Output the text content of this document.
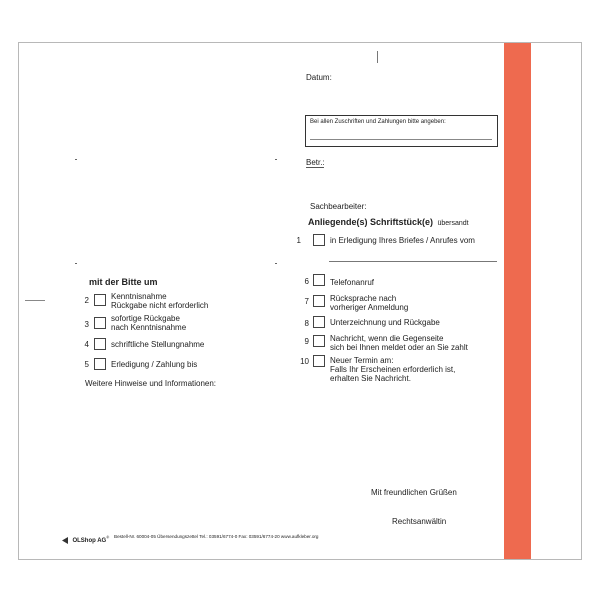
Datum:
Bei allen Zuschriften und Zahlungen bitte angeben:
Betr.:
Sachbearbeiter:
Anliegende(s) Schriftstück(e) übersandt
1	in Erledigung Ihres Briefes / Anrufes vom
6	Telefonanruf
7	Rücksprache nach
vorheriger Anmeldung
8	Unterzeichnung und Rückgabe
9	Nachricht, wenn die Gegenseite
sich bei Ihnen meldet oder an Sie zahlt
10	Neuer Termin am:
Falls Ihr Erscheinen erforderlich ist,
erhalten Sie Nachricht.
Mit freundlichen Grüßen
Rechtsanwältin
mit der Bitte um
2	Kenntnisnahme
Rückgabe nicht erforderlich
3
sofortige Rückgabe
nach Kenntnisnahme
4	schriftliche Stellungnahme
5	Erledigung / Zahlung bis
Weitere Hinweise und Informationen:
OLShop AG® Bestell-Nr. 60004-05 Übersendungszettel Tel.: 03591/6774-0 Fax: 03591/6774-20 www.aufkleber.org
